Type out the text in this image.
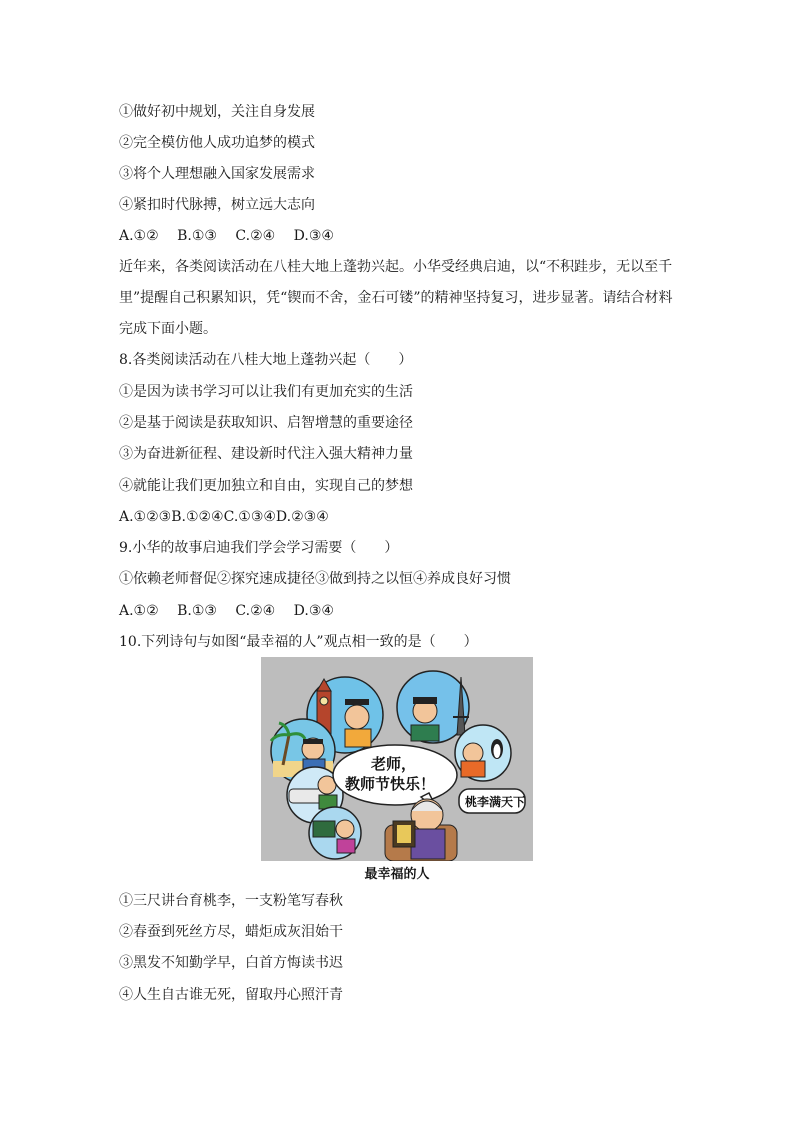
①做好初中规划，关注自身发展
②完全模仿他人成功追梦的模式
③将个人理想融入国家发展需求
④紧扣时代脉搏，树立远大志向
A.①② B.①③ C.②④ D.③④
近年来，各类阅读活动在八桂大地上蓬勃兴起。小华受经典启迪，以“不积跬步，无以至千里”提醒自己积累知识，凭“锲而不舍，金石可镂”的精神坚持复习，进步显著。请结合材料完成下面小题。
8.各类阅读活动在八桂大地上蓬勃兴起（　　）
①是因为读书学习可以让我们有更加充实的生活
②是基于阅读是获取知识、启智增慧的重要途径
③为奋进新征程、建设新时代注入强大精神力量
④就能让我们更加独立和自由，实现自己的梦想
A.①②③B.①②④C.①③④D.②③④
9.小华的故事启迪我们学会学习需要（　　）
①依赖老师督促②探究速成捷径③做到持之以恒④养成良好习惯
A.①② B.①③ C.②④ D.③④
10.下列诗句与如图“最幸福的人”观点相一致的是（　　）
老师，
教师节快乐！
桃李满天下
最幸福的人
①三尺讲台育桃李，一支粉笔写春秋
②春蚕到死丝方尽，蜡炬成灰泪始干
③黑发不知勤学早，白首方悔读书迟
④人生自古谁无死，留取丹心照汗青
